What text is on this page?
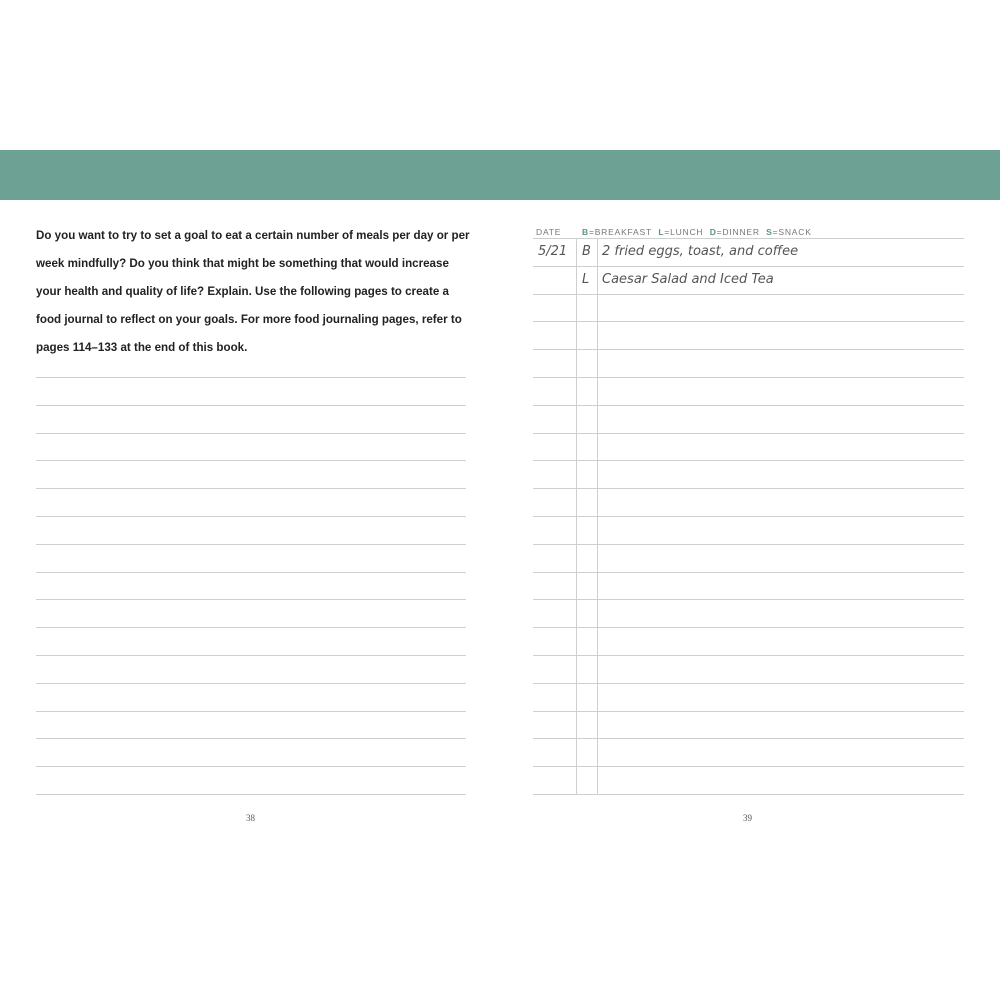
Do you want to try to set a goal to eat a certain number of meals per day or per week mindfully? Do you think that might be something that would increase your health and quality of life? Explain. Use the following pages to create a food journal to reflect on your goals. For more food journaling pages, refer to pages 114–133 at the end of this book.
38
DATE B=BREAKFAST L=LUNCH D=DINNER S=SNACK
5/21 B 2 fried eggs, toast, and coffee
L Caesar Salad and Iced Tea
39
